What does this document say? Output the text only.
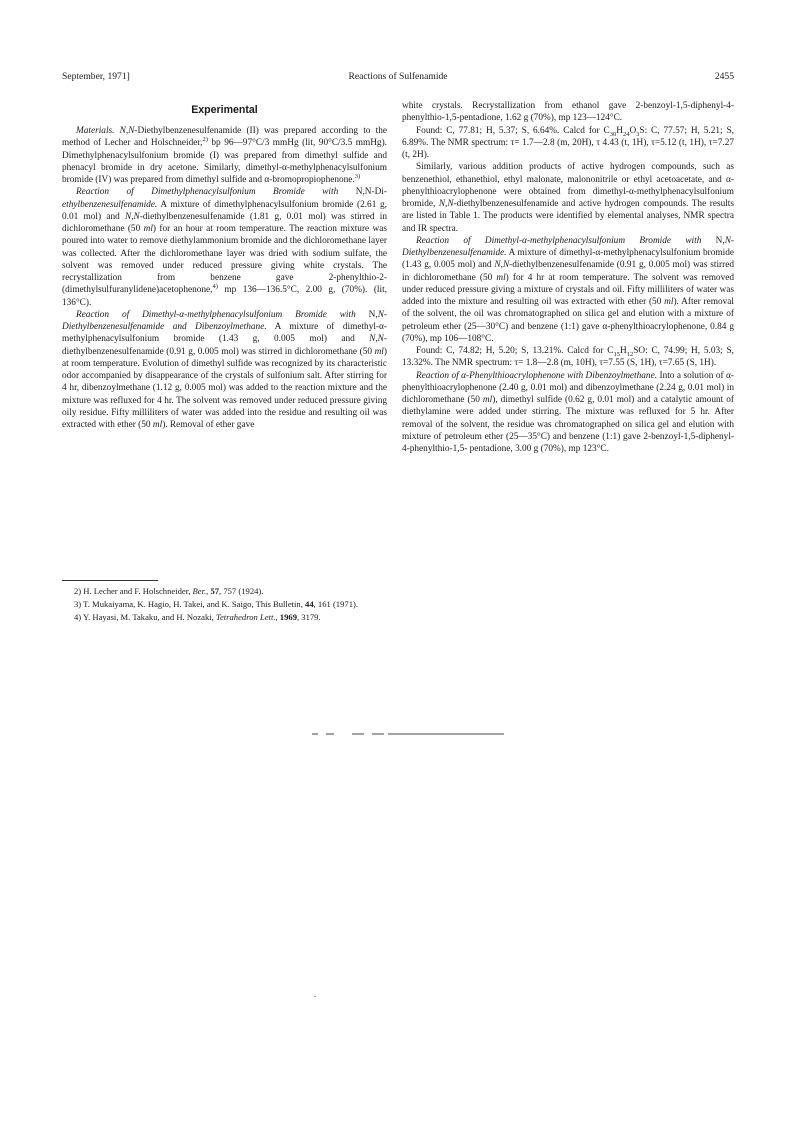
September, 1971]	Reactions of Sulfenamide	2455
Experimental

Materials. N,N-Diethylbenzenesulfenamide (II) was prepared according to the method of Lecher and Holschneider,$^{2)}$ bp 96—97°C/3 mmHg (lit, 90°C/3.5 mmHg). Dimethylphenacylsulfonium bromide (I) was prepared from dimethyl sulfide and phenacyl bromide in dry acetone. Similarly, dimethyl-α-methylphenacylsulfonium bromide (IV) was prepared from dimethyl sulfide and α-bromopropiophenone.$^{3)}$

Reaction of Dimethylphenacylsulfonium Bromide with N,N-Di-ethylbenzenesulfenamide. A mixture of dimethylphenacylsulfonium bromide (2.61 g, 0.01 mol) and N,N-diethylbenzenesulfenamide (1.81 g, 0.01 mol) was stirred in dichloromethane (50 ml) for an hour at room temperature. The reaction mixture was poured into water to remove diethylammonium bromide and the dichloromethane layer was collected. After the dichloromethane layer was dried with sodium sulfate, the solvent was removed under reduced pressure giving white crystals. The recrystallization from benzene gave 2-phenylthio-2-(dimethylsulfuranylidene)acetophenone,$^{4)}$ mp 136—136.5°C, 2.00 g, (70%). (lit, 136°C).

Reaction of Dimethyl-α-methylphenacylsulfonium Bromide with N,N-Diethylbenzenesulfenamide and Dibenzoylmethane. A mixture of dimethyl-α-methylphenacylsulfonium bromide (1.43 g, 0.005 mol) and N,N-diethylbenzenesulfenamide (0.91 g, 0.005 mol) was stirred in dichloromethane (50 ml) at room temperature. Evolution of dimethyl sulfide was recognized by its characteristic odor accompanied by disappearance of the crystals of sulfonium salt. After stirring for 4 hr, dibenzoylmethane (1.12 g, 0.005 mol) was added to the reaction mixture and the mixture was refluxed for 4 hr. The solvent was removed under reduced pressure giving oily residue. Fifty milliliters of water was added into the residue and resulting oil was extracted with ether (50 ml). Removal of ether gave

2) H. Lecher and F. Holschneider, Ber., 57, 757 (1924).

3) T. Mukaiyama, K. Hagio, H. Takei, and K. Saigo, This Bulletin, 44, 161 (1971).

4) Y. Hayasi, M. Takaku, and H. Nozaki, Tetrahedron Lett., 1969, 3179.

white crystals. Recrystallization from ethanol gave 2-benzoyl-1,5-diphenyl-4-phenylthio-1,5-pentadione, 1.62 g (70%), mp 123—124°C.

Found: C, 77.81; H, 5.37; S, 6.64%. Calcd for $C_{30}H_{24}O_3S$: C, 77.57; H, 5.21; S, 6.89%. The NMR spectrum: τ= 1.7—2.8 (m, 20H), τ 4.43 (t, 1H), τ=5.12 (t, 1H), τ=7.27 (t, 2H).

Similarly, various addition products of active hydrogen compounds, such as benzenethiol, ethanethiol, ethyl malonate, malononitrile or ethyl acetoacetate, and α-phenylthioacrylophenone were obtained from dimethyl-α-methylphenacylsulfonium bromide, N,N-diethylbenzenesulfenamide and active hydrogen compounds. The results are listed in Table 1. The products were identified by elemental analyses, NMR spectra and IR spectra.

Reaction of Dimethyl-α-methylphenacylsulfonium Bromide with N,N-Diethylbenzenesulfenamide. A mixture of dimethyl-α-methylphenacylsulfonium bromide (1.43 g, 0.005 mol) and N,N-diethylbenzenesulfenamide (0.91 g, 0.005 mol) was stirred in dichloromethane (50 ml) for 4 hr at room temperature. The solvent was removed under reduced pressure giving a mixture of crystals and oil. Fifty milliliters of water was added into the mixture and resulting oil was extracted with ether (50 ml). After removal of the solvent, the oil was chromatographed on silica gel and elution with a mixture of petroleum ether (25—30°C) and benzene (1:1) gave α-phenylthioacrylophenone, 0.84 g (70%), mp 106—108°C.

Found: C, 74.82; H, 5.20; S, 13.21%. Calcd for $C_{15}H_{12}SO$: C, 74.99; H, 5.03; S, 13.32%. The NMR spectrum: τ= 1.8—2.8 (m, 10H), τ=7.55 (S, 1H), τ=7.65 (S, 1H).

Reaction of α-Phenylthioacrylophenone with Dibenzoylmethane. Into a solution of α-phenylthioacrylophenone (2.40 g, 0.01 mol) and dibenzoylmethane (2.24 g, 0.01 mol) in dichloromethane (50 ml), dimethyl sulfide (0.62 g, 0.01 mol) and a catalytic amount of diethylamine were added under stirring. The mixture was refluxed for 5 hr. After removal of the solvent, the residue was chromatographed on silica gel and elution with mixture of petroleum ether (25—35°C) and benzene (1:1) gave 2-benzoyl-1,5-diphenyl-4-phenylthio-1,5- pentadione, 3.00 g (70%), mp 123°C.
